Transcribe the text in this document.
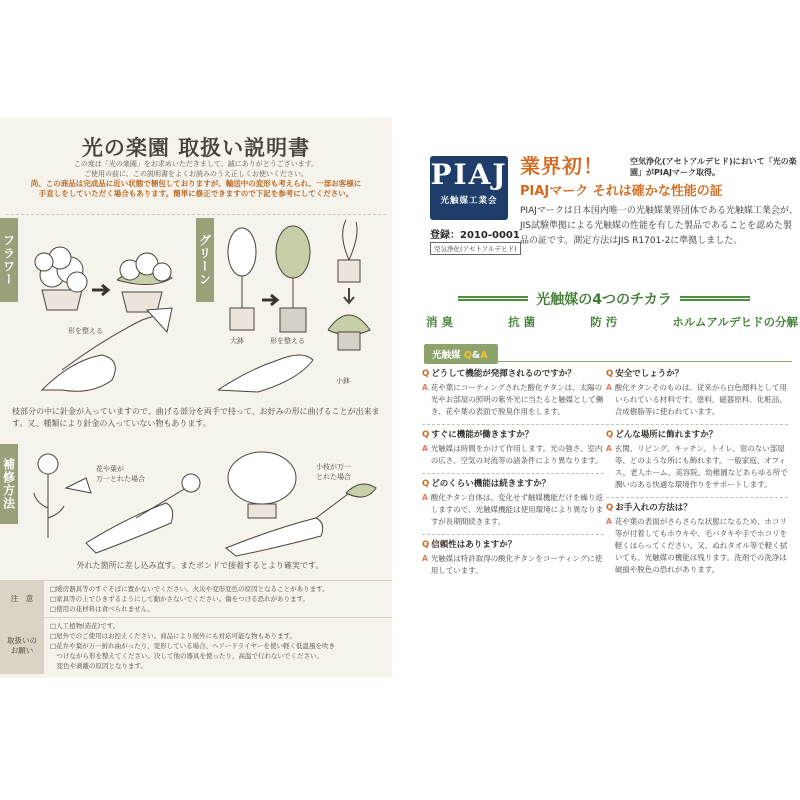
光の楽園 取扱い説明書
この度は「光の楽園」をお求めいただきまして、誠にありがとうございます。
ご使用の前に、この説明書をよくお読みのうえ正しくお使いください。
尚、この商品は完成品に近い状態で梱包しておりますが、輸送中の変形も考えられ、一部お客様に
手直しをしていただく場合もあります。簡単に修正できますので下記を参考にしてください。
フラワー	グリーン
形を整える
大鉢	形を整える
小鉢
枝部分の中に針金が入っていますので、曲げる部分を両手で持って、お好みの形に曲げることが出来ます。又、種類により針金の入っていない物もあります。
補修方法	花や葉が
万一とれた場合
小枝が万一
とれた場合
外れた箇所に差し込み直す。またボンドで接着するとより確実です。
注　意
□暖房器具等のすぐそばに置かないでください。火災や変形変色の原因となることがあります。
□家具等の上でひきずるようにして動かさないでください。傷をつける恐れがあります。
□使用の花材料は食べられません。
取扱いの
お願い
□人工植物(造花)です。
□屋外でのご使用はお控えください。商品により屋外にも対応可能な物もあります。
□花弁や葉が万一折れ曲がったり、変形している場合、ヘアードライヤーを使い軽く低温風を吹き
　つけながら形を整えてください。決して他の器具を使ったり、高温で行わないでください。
　変色や剥離の原因となります。
PIAJ
光触媒工業会
登録：2010-0001
空気浄化(アセトアルデヒド)
業界初！	空気浄化(アセトアルデヒド)において「光の楽園」がPIAJマーク取得。
PIAJマーク それは確かな性能の証
PIAJマークは日本国内唯一の光触媒業界団体である光触媒工業会が、JIS試験準拠による光触媒の性能を有した製品であることを認めた製品の証です。測定方法はJIS R1701-2に準拠しました。
光触媒の4つのチカラ
消 臭	抗 菌	防 汚	ホルムアルデヒドの分解
光触媒 Q&A
Q どうして機能が発揮されるのですか？
A 花や葉にコーティングされた酸化チタンは、太陽の光やお部屋の照明の紫外光に当たると触媒として働き、花や葉の表面で脱臭作用をします。
Q すぐに機能が働きますか？
A 光触媒は時間をかけて作用します。光の強さ、室内の広さ、空気の対流等の諸条件により異なります。
Q どのくらい機能は続きますか？
A 酸化チタン自体は、変化せず触媒機能だけを繰り返しますので、光触媒機能は使用環境により異なりますが長期間続きます。
Q 信頼性はありますか？
A 光触媒は特許取得の酸化チタンをコーティングに使用しています。
Q 安全でしょうか？
A 酸化チタンそのものは、従来から白色顔料として用いられている材料です。塗料、磁器原料、化粧品、合成樹脂等に使われています。
Q どんな場所に飾れますか？
A 玄関、リビング、キッチン、トイレ、窓のない部屋等、どのような所にも飾れます。一般家庭、オフィス、老人ホーム、美容院、幼稚園などあらゆる所で潤いのある快適な環境作りをサポートします。
Q お手入れの方法は？
A 花や葉の表面がさらさらな状態になるため、ホコリ等が付着してもホウキや、毛バタキや手でホコリを軽くはらってください。又、ぬれタオル等で軽く拭いても、光触媒の機能は残ります。洗剤での洗浄は破損や脱色の恐れがあります。
